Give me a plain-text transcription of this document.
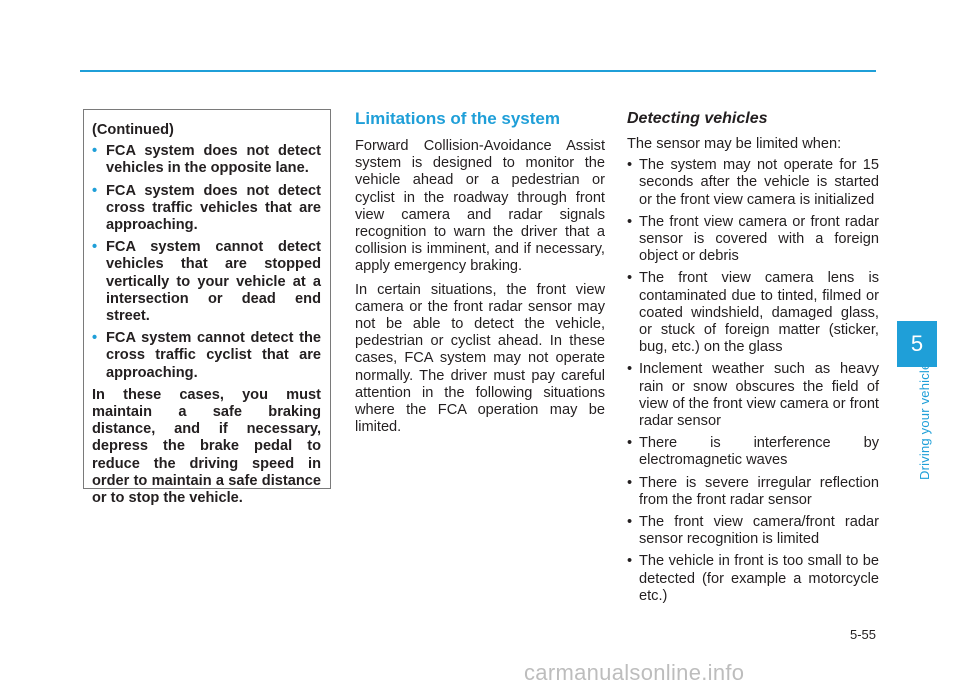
(Continued)

• FCA system does not detect vehicles in the opposite lane.
• FCA system does not detect cross traffic vehicles that are approaching.
• FCA system cannot detect vehicles that are stopped vertically to your vehicle at a intersection or dead end street.
• FCA system cannot detect the cross traffic cyclist that are approaching.

In these cases, you must maintain a safe braking distance, and if necessary, depress the brake pedal to reduce the driving speed in order to maintain a safe distance or to stop the vehicle.

Limitations of the system

Forward Collision-Avoidance Assist system is designed to monitor the vehicle ahead or a pedestrian or cyclist in the roadway through front view camera and radar signals recognition to warn the driver that a collision is imminent, and if necessary, apply emergency braking.

In certain situations, the front view camera or the front radar sensor may not be able to detect the vehicle, pedestrian or cyclist ahead. In these cases, FCA system may not operate normally. The driver must pay careful attention in the following situations where the FCA operation may be limited.

Detecting vehicles

The sensor may be limited when:

• The system may not operate for 15 seconds after the vehicle is started or the front view camera is initialized
• The front view camera or front radar sensor is covered with a foreign object or debris
• The front view camera lens is contaminated due to tinted, filmed or coated windshield, damaged glass, or stuck of foreign matter (sticker, bug, etc.) on the glass
• Inclement weather such as heavy rain or snow obscures the field of view of the front view camera or front radar sensor
• There is interference by electromagnetic waves
• There is severe irregular reflection from the front radar sensor
• The front view camera/front radar sensor recognition is limited
• The vehicle in front is too small to be detected (for example a motorcycle etc.)
5
Driving your vehicle
5-55
carmanualsonline.info
